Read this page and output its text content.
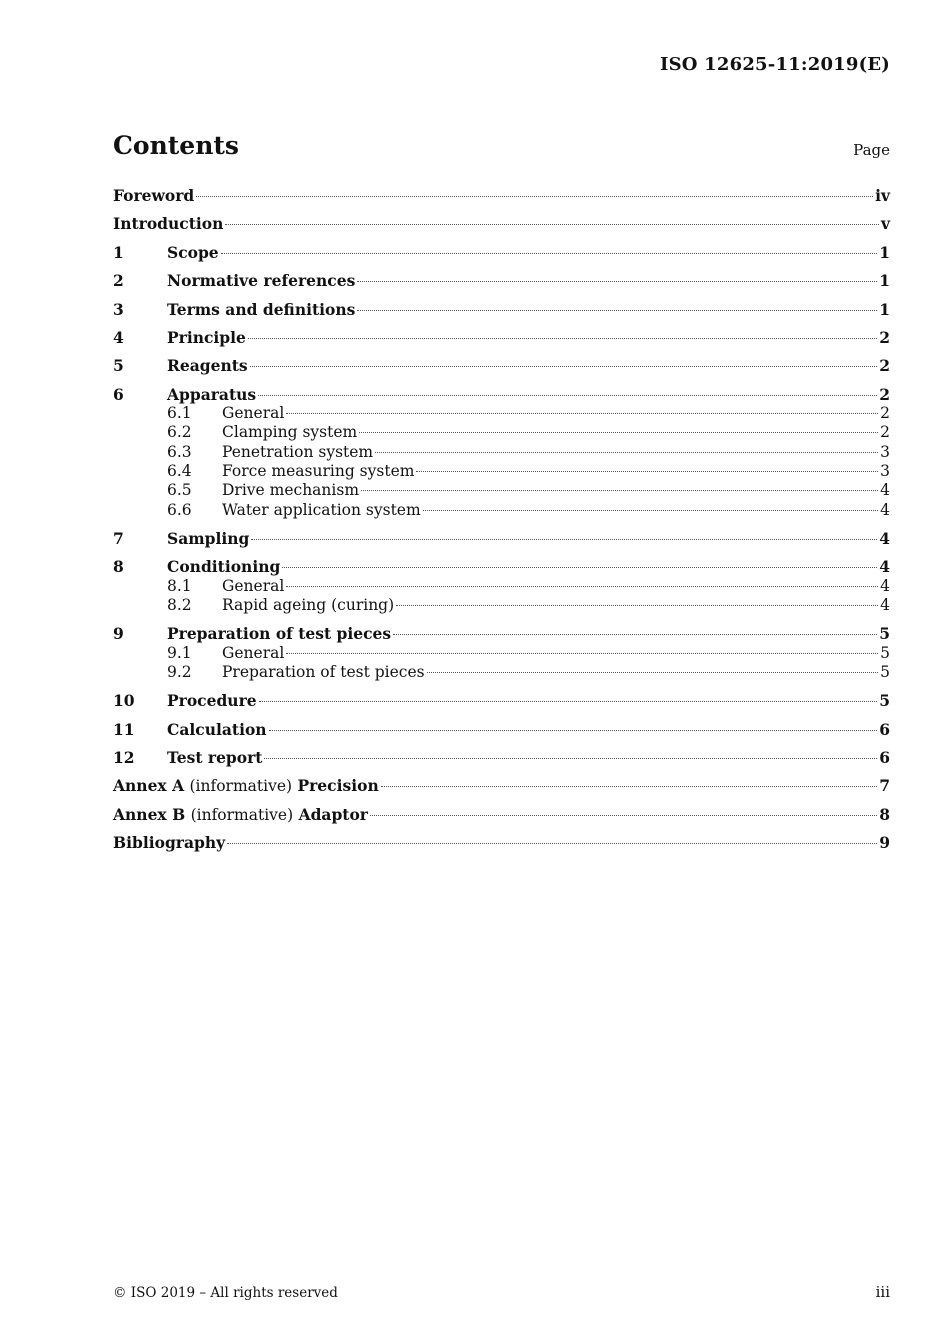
ISO 12625-11:2019(E)
Contents	Page
Foreword	iv
Introduction	v
1	Scope	1
2	Normative references	1
3	Terms and definitions	1
4	Principle	2
5	Reagents	2
6	Apparatus	2
6.1	General	2
6.2	Clamping system	2
6.3	Penetration system	3
6.4	Force measuring system	3
6.5	Drive mechanism	4
6.6	Water application system	4
7	Sampling	4
8	Conditioning	4
8.1	General	4
8.2	Rapid ageing (curing)	4
9	Preparation of test pieces	5
9.1	General	5
9.2	Preparation of test pieces	5
10	Procedure	5
11	Calculation	6
12	Test report	6
Annex A (informative) Precision	7
Annex B (informative) Adaptor	8
Bibliography	9
© ISO 2019 – All rights reserved	iii
